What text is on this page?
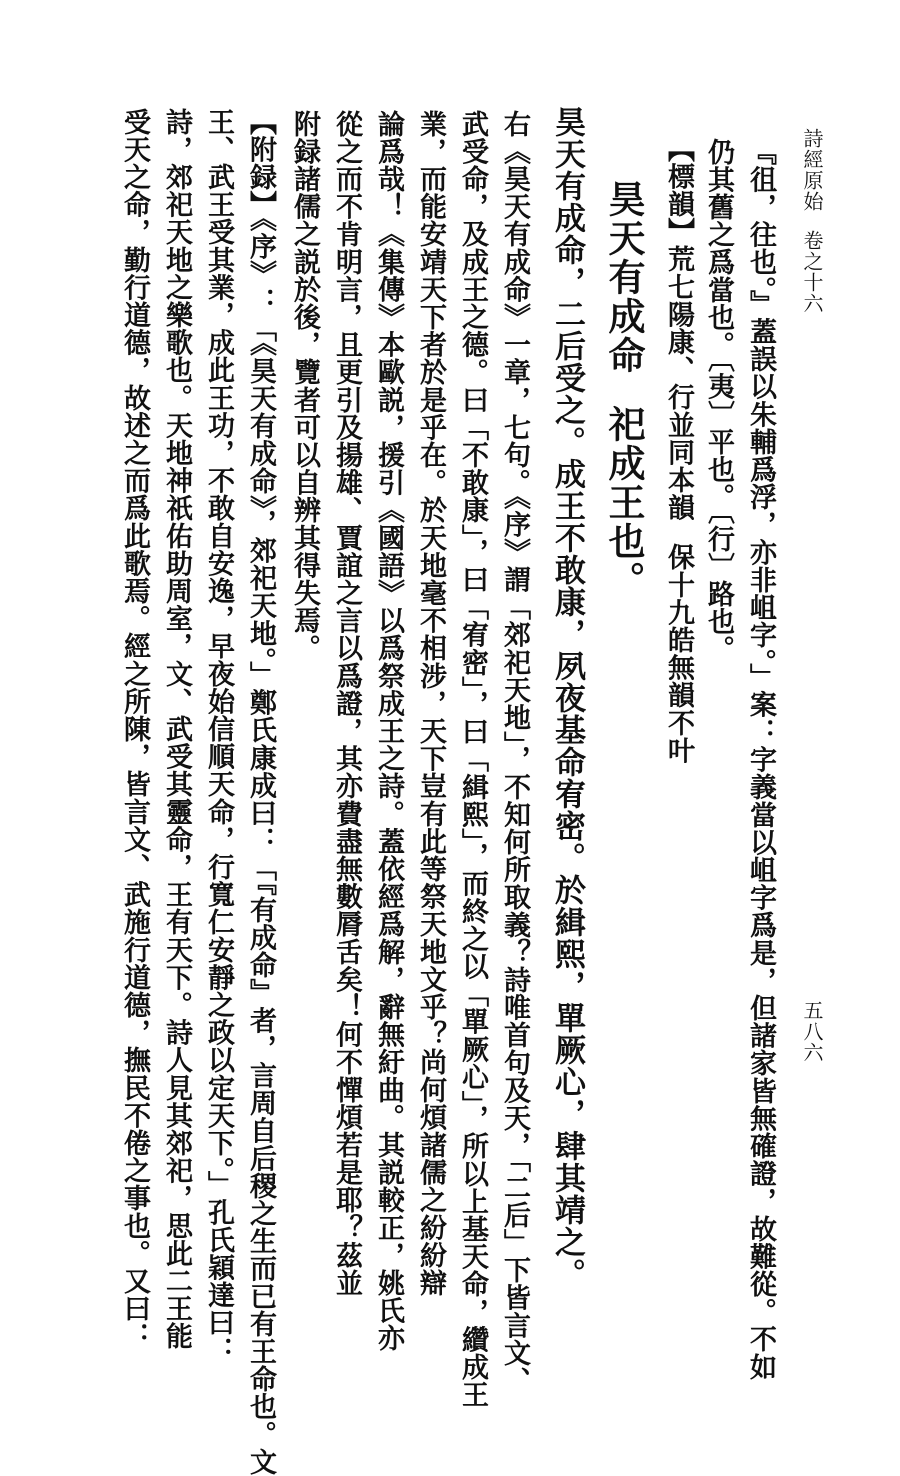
詩經原始卷之十六
五八六
『徂，往也。』蓋誤以朱輔爲浮，亦非岨字。」案：字義當以岨字爲是，但諸家皆無確證，故難從。不如
仍其舊之爲當也。〔夷〕平也。〔行〕路也。
【標韻】荒七陽康、行並同本韻保十九皓無韻不叶
昊天有成命祀成王也。
昊天有成命，二后受之。成王不敢康，夙夜基命宥密。於緝熙，單厥心，肆其靖之。
右《昊天有成命》一章，七句。《序》謂「郊祀天地」，不知何所取義？詩唯首句及天，「二后」下皆言文、
武受命，及成王之德。曰「不敢康」，曰「宥密」，曰「緝熙」，而終之以「單厥心」，所以上基天命，纘成王
業，而能安靖天下者於是乎在。於天地毫不相涉，天下豈有此等祭天地文乎？尚何煩諸儒之紛紛辯
論爲哉！《集傳》本歐説，援引《國語》以爲祭成王之詩。蓋依經爲解，辭無紆曲。其説較正，姚氏亦
從之而不肯明言，且更引及揚雄、賈誼之言以爲證，其亦費盡無數脣舌矣！何不憚煩若是耶？茲並
附録諸儒之説於後，覽者可以自辨其得失焉。
【附録】《序》：「《昊天有成命》，郊祀天地。」鄭氏康成曰：「『有成命』者，言周自后稷之生而已有王命也。文
王、武王受其業，成此王功，不敢自安逸，早夜始信順天命，行寬仁安靜之政以定天下。」孔氏穎達曰：
詩，郊祀天地之樂歌也。天地神祇佑助周室，文、武受其靈命，王有天下。詩人見其郊祀，思此二王能
受天之命，勤行道德，故述之而爲此歌焉。經之所陳，皆言文、武施行道德，撫民不倦之事也。又曰：
